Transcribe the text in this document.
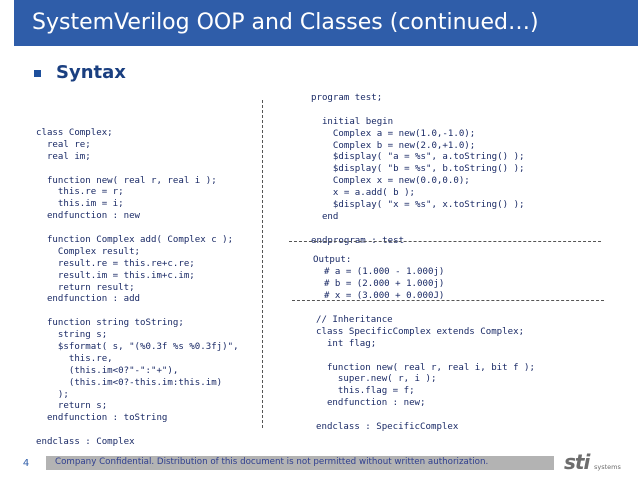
SystemVerilog OOP and Classes (continued…)
Syntax
class Complex;
real re;
real im;
function new( real r, real i );
this.re = r;
this.im = i;
endfunction : new
function Complex add( Complex c );
Complex result;
result.re = this.re+c.re;
result.im = this.im+c.im;
return result;
endfunction : add
function string toString;
string s;
$sformat( s, "(%0.3f %s %0.3fj)",
this.re,
(this.im<0?"-":"+"),
(this.im<0?-this.im:this.im)
);
return s;
endfunction : toString
endclass : Complex
program test;
initial begin
Complex a = new(1.0,-1.0);
Complex b = new(2.0,+1.0);
$display( "a = %s", a.toString() );
$display( "b = %s", b.toString() );
Complex x = new(0.0,0.0);
x = a.add( b );
$display( "x = %s", x.toString() );
end
endprogram : test
Output:
# a = (1.000 - 1.000j)
# b = (2.000 + 1.000j)
# x = (3.000 + 0.000J)
// Inheritance
class SpecificComplex extends Complex;
int flag;
function new( real r, real i, bit f );
super.new( r, i );
this.flag = f;
endfunction : new;
endclass : SpecificComplex
4	Company Confidential. Distribution of this document is not permitted without written authorization.	sti systems
